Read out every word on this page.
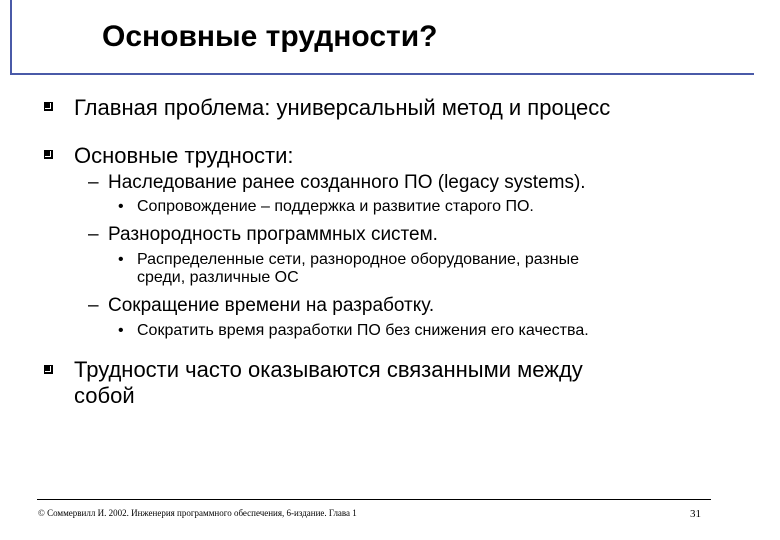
Основные трудности?
Главная проблема: универсальный метод и процесс
Основные трудности:
– Наследование ранее созданного ПО (legacy systems).
• Сопровождение – поддержка и развитие старого ПО.
– Разнородность программных систем.
• Распределенные сети, разнородное оборудование, разные
среди, различные ОС
– Сокращение времени на разработку.
• Сократить время разработки ПО без снижения его качества.
Трудности часто оказываются связанными между
собой
© Соммервилл И. 2002. Инженерия программного обеспечения, 6-издание. Глава 1	31
